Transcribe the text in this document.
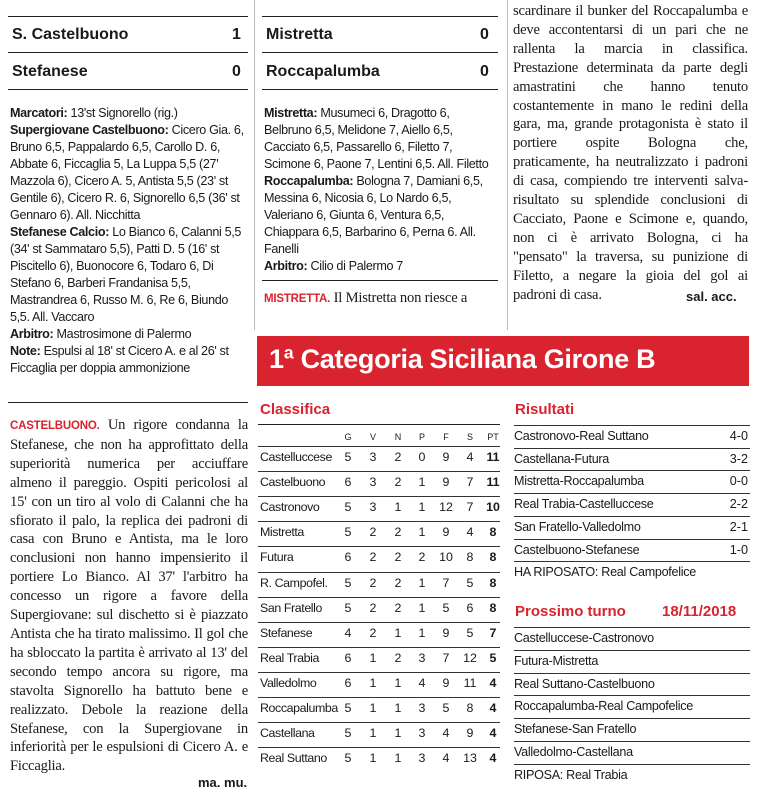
S. Castelbuono	1
Stefanese	0
Marcatori: 13'st Signorello (rig.)
Supergiovane Castelbuono: Cicero Gia. 6, Bruno 6,5, Pappalardo 6,5, Carollo D. 6, Abbate 6, Ficcaglia 5, La Luppa 5,5 (27' Mazzola 6), Cicero A. 5, Antista 5,5 (23' st Gentile 6), Cicero R. 6, Signorello 6,5 (36' st Gennaro 6). All. Nicchitta
Stefanese Calcio: Lo Bianco 6, Calanni 5,5 (34' st Sammataro 5,5), Patti D. 5 (16' st Piscitello 6), Buonocore 6, Todaro 6, Di Stefano 6, Barberi Frandanisa 5,5, Mastrandrea 6, Russo M. 6, Re 6, Biundo 5,5. All. Vaccaro
Arbitro: Mastrosimone di Palermo
Note: Espulsi al 18' st Cicero A. e al 26' st Ficcaglia per doppia ammonizione
CASTELBUONO. Un rigore condanna la Stefanese, che non ha approfittato della superiorità numerica per acciuffare almeno il pareggio. Ospiti pericolosi al 15' con un tiro al volo di Calanni che ha sfiorato il palo, la replica dei padroni di casa con Bruno e Antista, ma le loro conclusioni non hanno impensierito il portiere Lo Bianco. Al 37' l'arbitro ha concesso un rigore a favore della Supergiovane: sul dischetto si è piazzato Antista che ha tirato malissimo. Il gol che ha sbloccato la partita è arrivato al 13' del secondo tempo ancora su rigore, ma stavolta Signorello ha battuto bene e realizzato. Debole la reazione della Stefanese, con la Supergiovane in inferiorità per le espulsioni di Cicero A. e Ficcaglia.
ma. mu.
Mistretta	0
Roccapalumba	0
Mistretta: Musumeci 6, Dragotto 6, Belbruno 6,5, Melidone 7, Aiello 6,5, Cacciato 6,5, Passarello 6, Filetto 7, Scimone 6, Paone 7, Lentini 6,5. All. Filetto
Roccapalumba: Bologna 7, Damiani 6,5, Messina 6, Nicosia 6, Lo Nardo 6,5, Valeriano 6, Giunta 6, Ventura 6,5, Chiappara 6,5, Barbarino 6, Perna 6. All. Fanelli
Arbitro: Cilio di Palermo 7
MISTRETTA. Il Mistretta non riesce a
scardinare il bunker del Roccapalumba e deve accontentarsi di un pari che ne rallenta la marcia in classifica. Prestazione determinata da parte degli amastratini che hanno tenuto costantemente in mano le redini della gara, ma, grande protagonista è stato il portiere ospite Bologna che, praticamente, ha neutralizzato i padroni di casa, compiendo tre interventi salva-risultato su splendide conclusioni di Cacciato, Paone e Scimone e, quando, non ci è arrivato Bologna, ci ha "pensato" la traversa, su punizione di Filetto, a negare la gioia del gol ai padroni di casa.	sal. acc.
1ª Categoria Siciliana Girone B
Classifica
G	V	N	P	F	S	PT
Castelluccese 5 3 2 0 9 4 11
Castelbuono 6 3 2 1 9 7 11
Castronovo 5 3 1 1 12 7 10
Mistretta	5 2 2 1 9 4	8
Futura	6 2 2 2 10 8	8
R. Campofel. 5 2 2 1 7 5	8
San Fratello 5 2 2 1 5 6	8
Stefanese	4 2 1 1 9 5	7
Real Trabia 6 1 2 3 7 12	5
Valledolmo 6 1 1 4 9 11	4
Roccapalumba 5 1 1 3 5 8	4
Castellana 5 1 1 3 4 9	4
Real Suttano 5 1 1 3 4 13	4
Risultati
Castronovo-Real Suttano	4-0
Castellana-Futura	3-2
Mistretta-Roccapalumba	0-0
Real Trabia-Castelluccese	2-2
San Fratello-Valledolmo	2-1
Castelbuono-Stefanese	1-0
HA RIPOSATO: Real Campofelice
Prossimo turno 18/11/2018
Castelluccese-Castronovo
Futura-Mistretta
Real Suttano-Castelbuono
Roccapalumba-Real Campofelice
Stefanese-San Fratello
Valledolmo-Castellana
RIPOSA: Real Trabia
